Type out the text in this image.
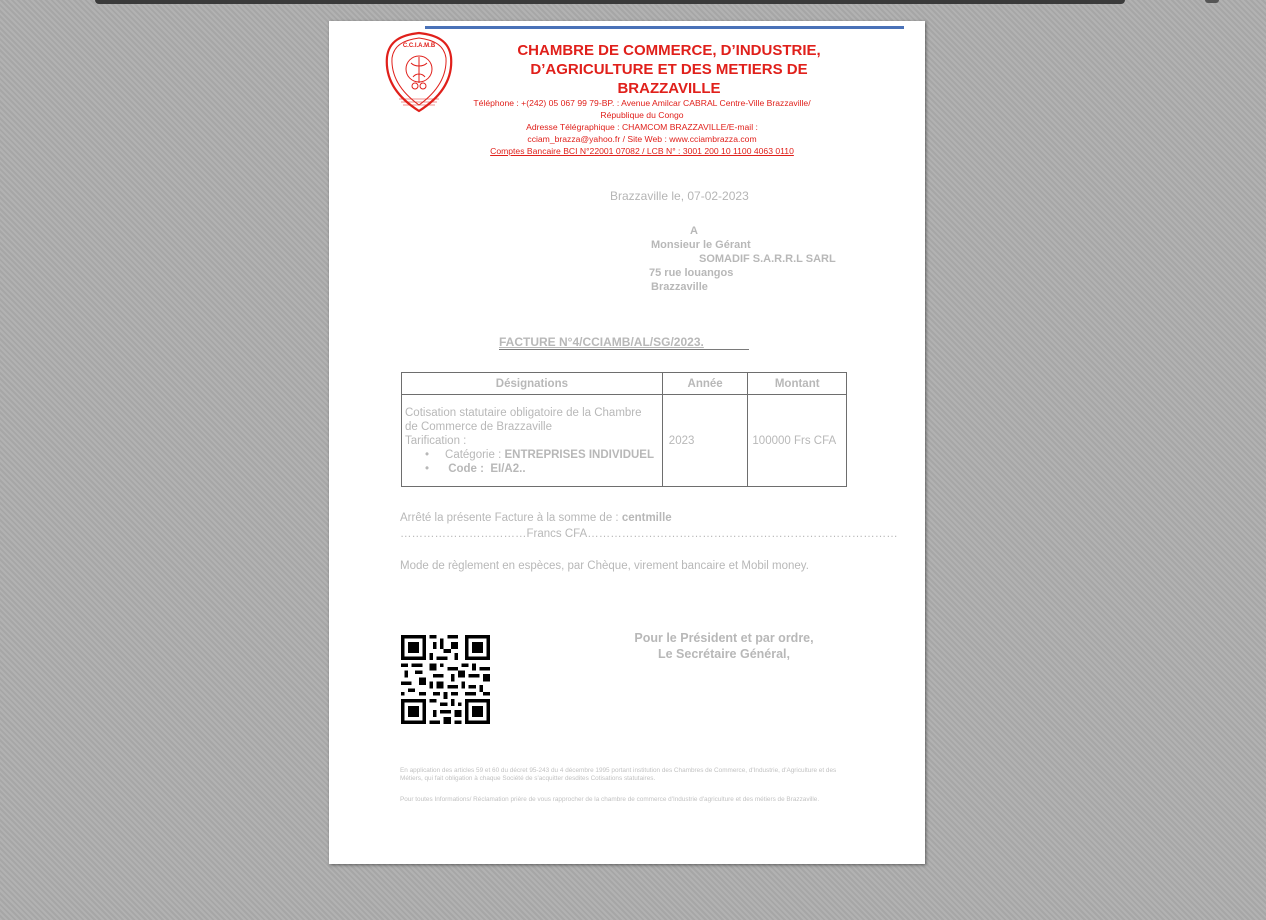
C.C.I.A.M.B	CHAMBRE DE COMMERCE, D’INDUSTRIE,
D’AGRICULTURE ET DES METIERS DE
BRAZZAVILLE
Téléphone : +(242) 05 067 99 79-BP. : Avenue Amilcar CABRAL Centre-Ville Brazzaville/
République du Congo
Adresse Télégraphique : CHAMCOM BRAZZAVILLE/E-mail :
cciam_brazza@yahoo.fr / Site Web : www.cciambrazza.com
Comptes Bancaire BCI N°22001 07082 / LCB N° : 3001 200 10 1100 4063 0110
Brazzaville le, 07-02-2023
A
Monsieur le Gérant
SOMADIF S.A.R.R.L SARL
75 rue louangos
Brazzaville
FACTURE N°4/CCIAMB/AL/SG/2023.
Désignations	Année	Montant

Cotisation statutaire obligatoire de la Chambre
de Commerce de Brazzaville
Tarification :
•     Catégorie : ENTREPRISES INDIVIDUEL
•      Code : EI/A2..	2023	100000 Frs CFA
Arrêté la présente Facture à la somme de : centmille
……………………………Francs CFA………………………………………………………………………
Mode de règlement en espèces, par Chèque, virement bancaire et Mobil money.
Pour le Président et par ordre,
Le Secrétaire Général,
En application des articles 59 et 60 du décret 95-243 du 4 décembre 1995 portant institution des Chambres de Commerce, d'Industrie, d'Agriculture et des Métiers, qui fait obligation à chaque Société de s'acquitter desdites Cotisations statutaires.
Pour toutes Informations/ Réclamation prière de vous rapprocher de la chambre de commerce d'Industrie d'agriculture et des métiers de Brazzaville.
